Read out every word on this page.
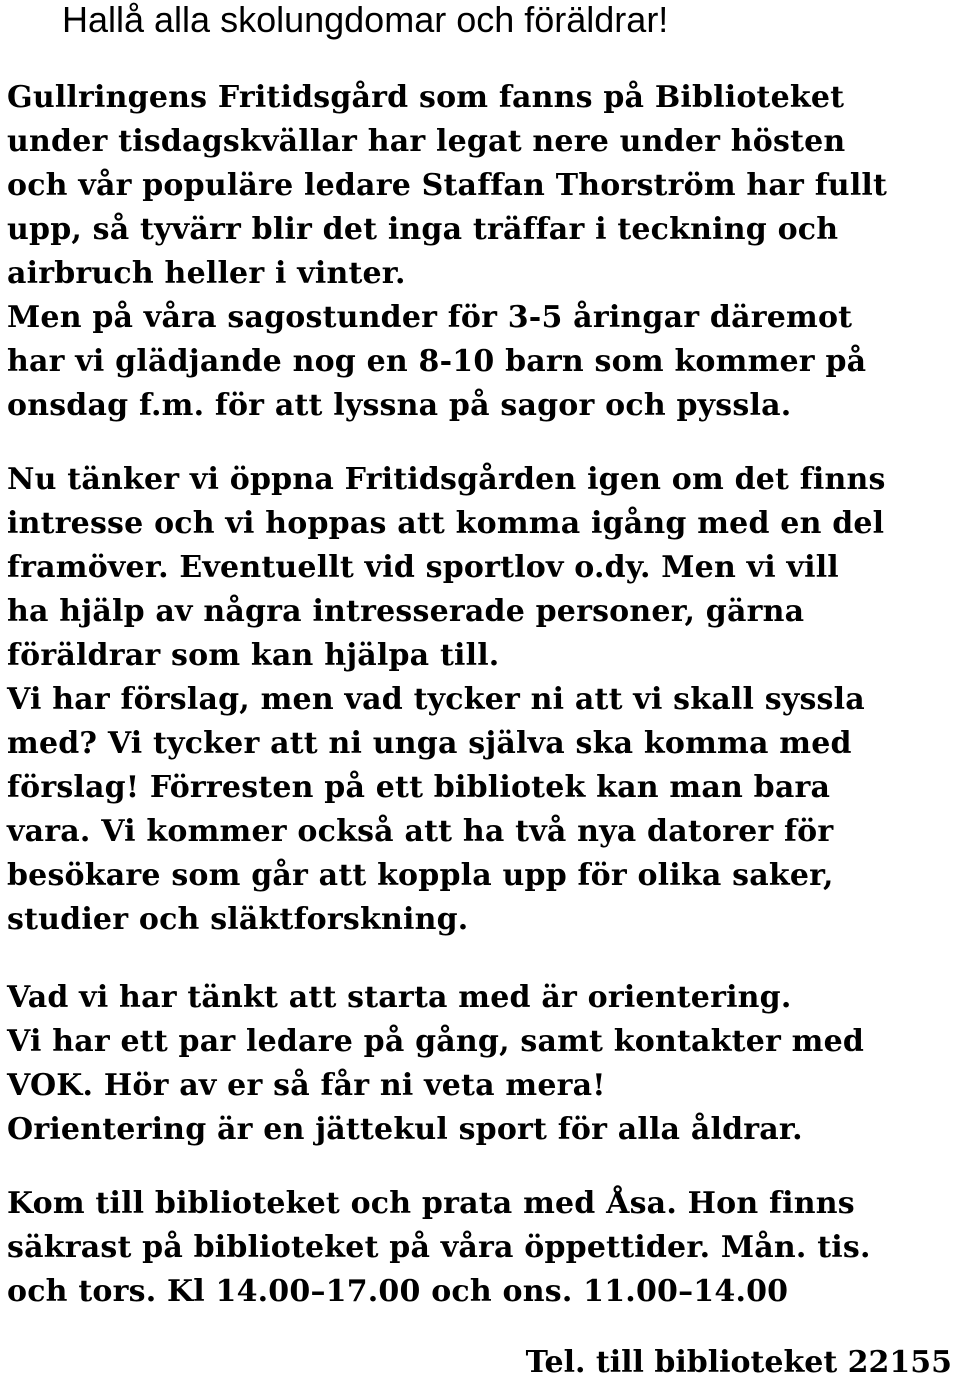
Hallå alla skolungdomar och föräldrar!
Gullringens Fritidsgård som fanns på Biblioteket
under tisdagskvällar har legat nere under hösten
och vår populäre ledare Staffan Thorström har fullt
upp, så tyvärr blir det inga träffar i teckning och
airbruch heller i vinter.
Men på våra sagostunder för 3-5 åringar däremot
har vi glädjande nog en 8-10 barn som kommer på
onsdag f.m. för att lyssna på sagor och pyssla.
Nu tänker vi öppna Fritidsgården igen om det finns
intresse och vi hoppas att komma igång med en del
framöver. Eventuellt vid sportlov o.dy. Men vi vill
ha hjälp av några intresserade personer, gärna
föräldrar som kan hjälpa till.
Vi har förslag, men vad tycker ni att vi skall syssla
med? Vi tycker att ni unga själva ska komma med
förslag! Förresten på ett bibliotek kan man bara
vara. Vi kommer också att ha två nya datorer för
besökare som går att koppla upp för olika saker,
studier och släktforskning.
Vad vi har tänkt att starta med är orientering.
Vi har ett par ledare på gång, samt kontakter med
VOK. Hör av er så får ni veta mera!
Orientering är en jättekul sport för alla åldrar.
Kom till biblioteket och prata med Åsa. Hon finns
säkrast på biblioteket på våra öppettider. Mån. tis.
och tors. Kl 14.00–17.00 och ons. 11.00–14.00
Tel. till biblioteket 22155
